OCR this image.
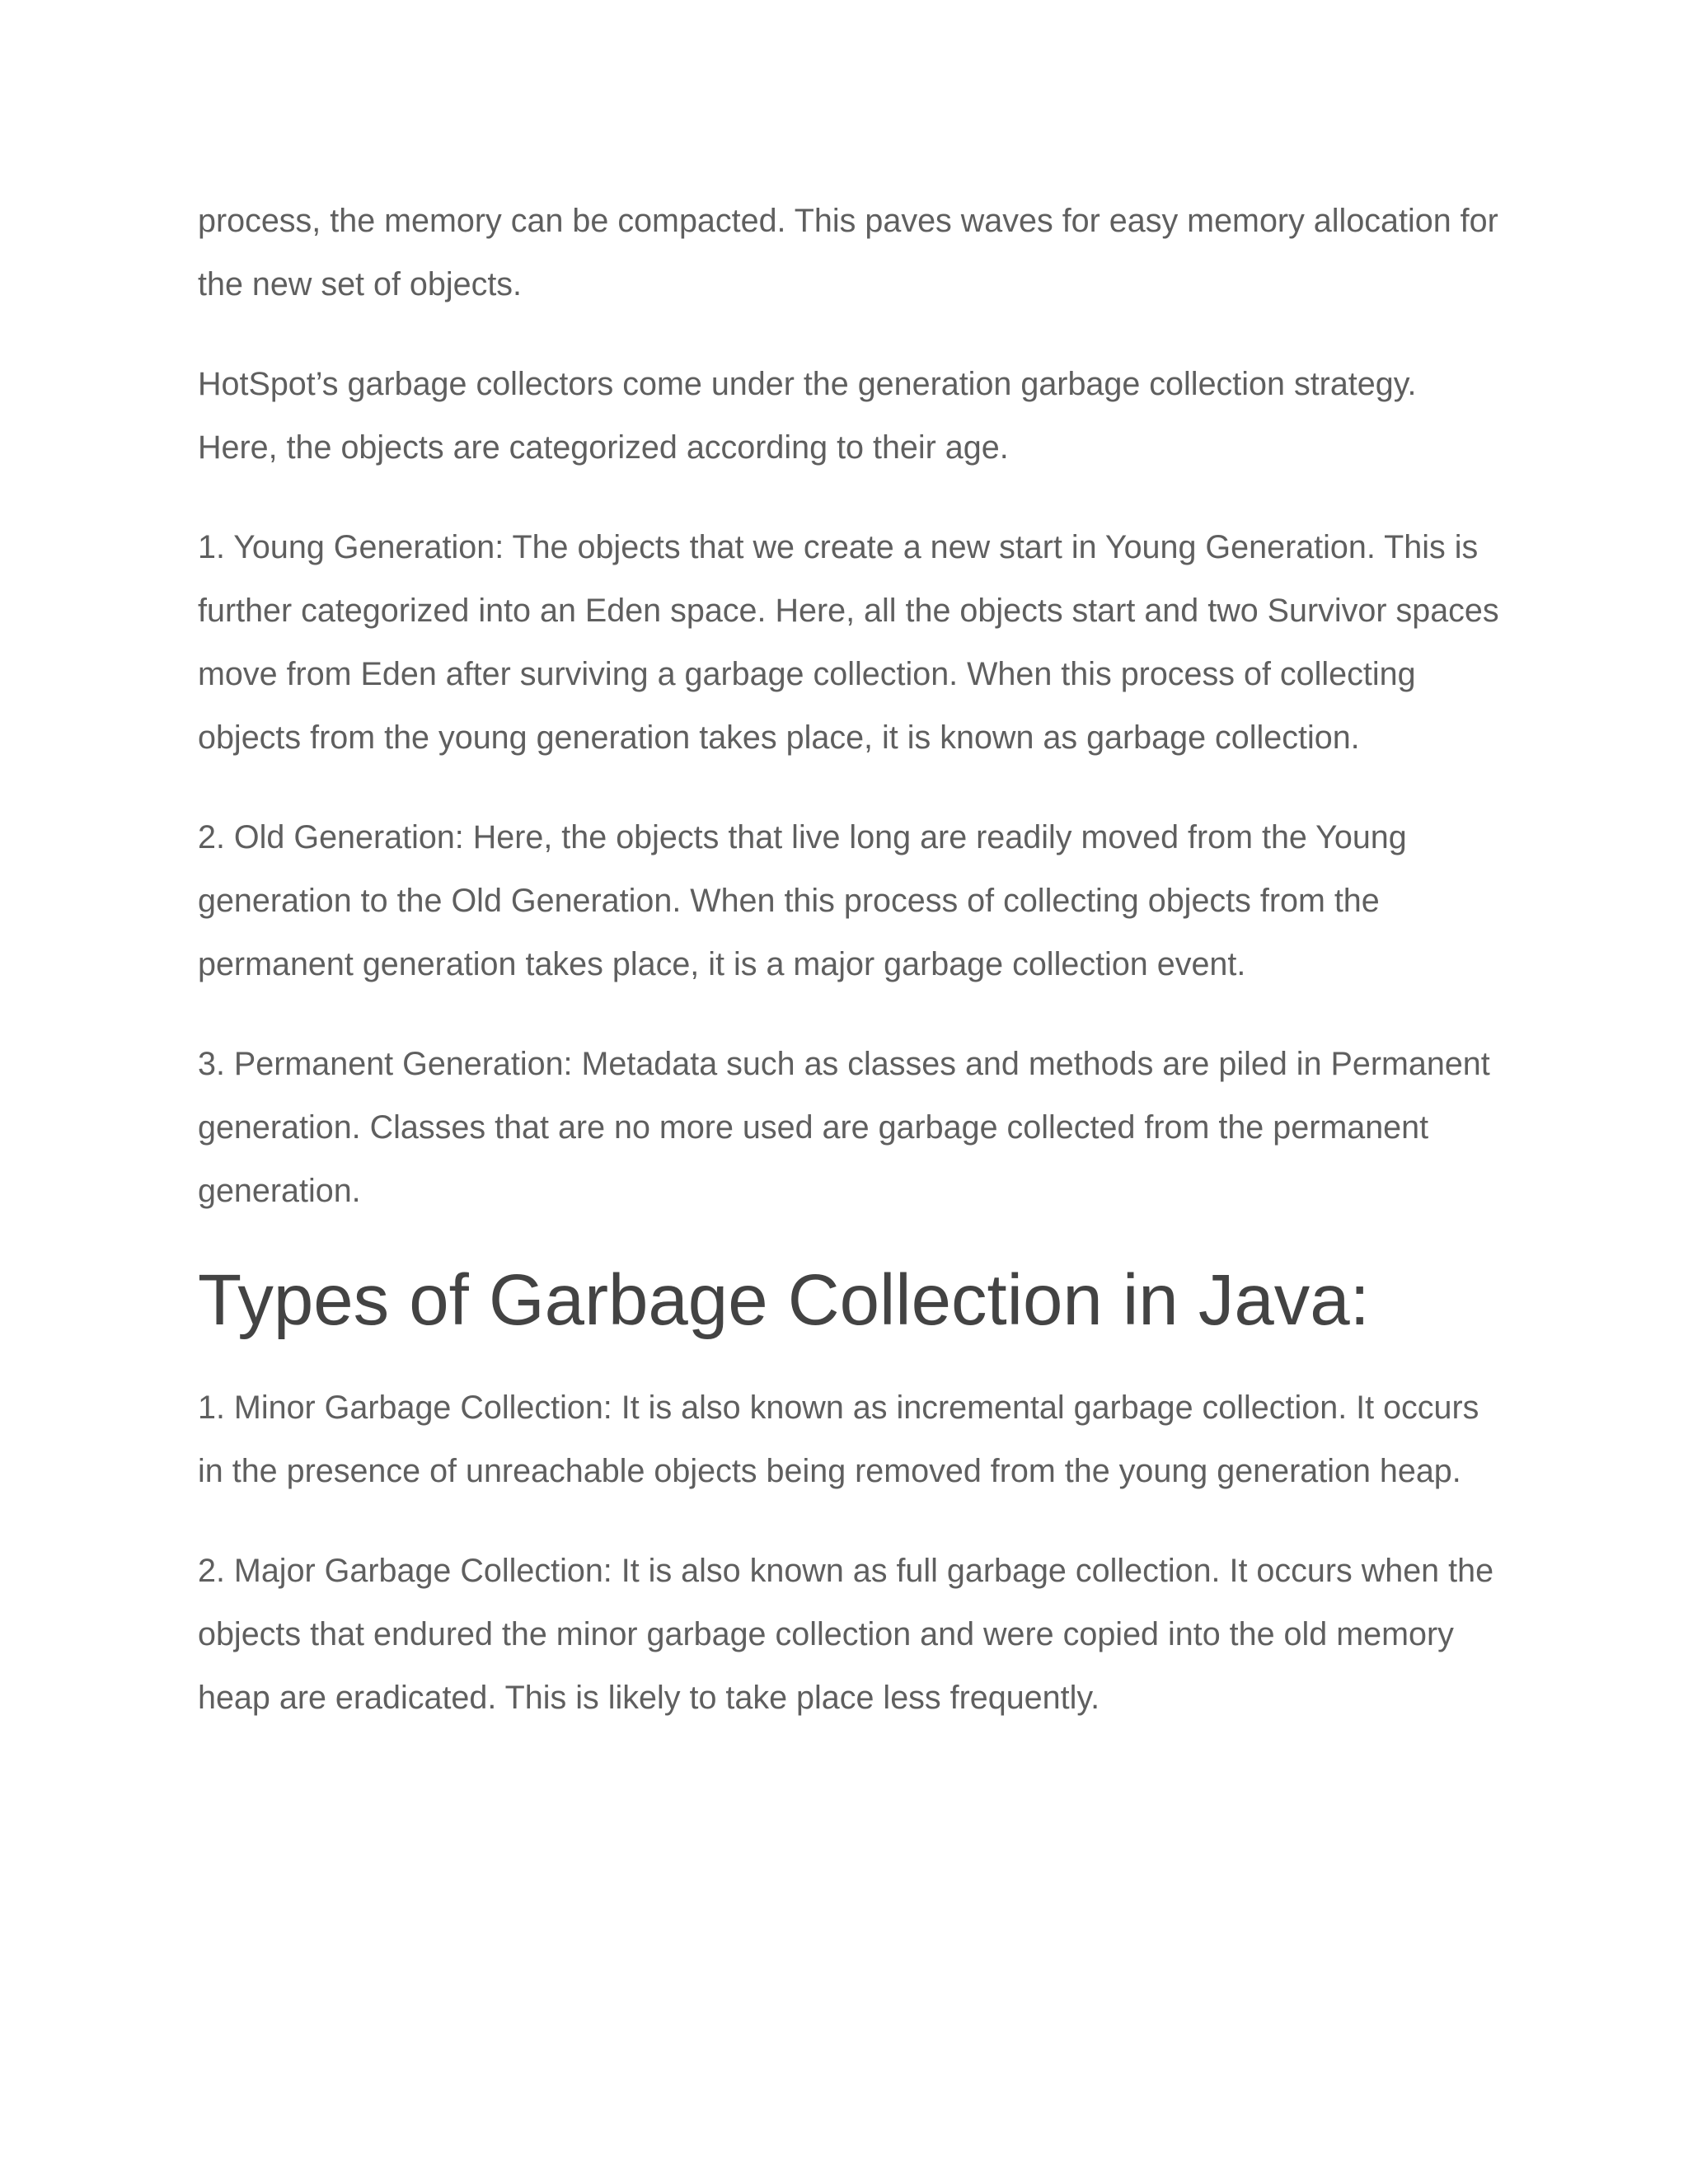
process, the memory can be compacted. This paves waves for easy memory allocation for the new set of objects.

HotSpot’s garbage collectors come under the generation garbage collection strategy. Here, the objects are categorized according to their age.

1. Young Generation: The objects that we create a new start in Young Generation. This is further categorized into an Eden space. Here, all the objects start and two Survivor spaces move from Eden after surviving a garbage collection. When this process of collecting objects from the young generation takes place, it is known as garbage collection.

2. Old Generation: Here, the objects that live long are readily moved from the Young generation to the Old Generation. When this process of collecting objects from the permanent generation takes place, it is a major garbage collection event.

3. Permanent Generation: Metadata such as classes and methods are piled in Permanent generation. Classes that are no more used are garbage collected from the permanent generation.

Types of Garbage Collection in Java:

1. Minor Garbage Collection: It is also known as incremental garbage collection. It occurs in the presence of unreachable objects being removed from the young generation heap.

2. Major Garbage Collection: It is also known as full garbage collection. It occurs when the objects that endured the minor garbage collection and were copied into the old memory heap are eradicated. This is likely to take place less frequently.
